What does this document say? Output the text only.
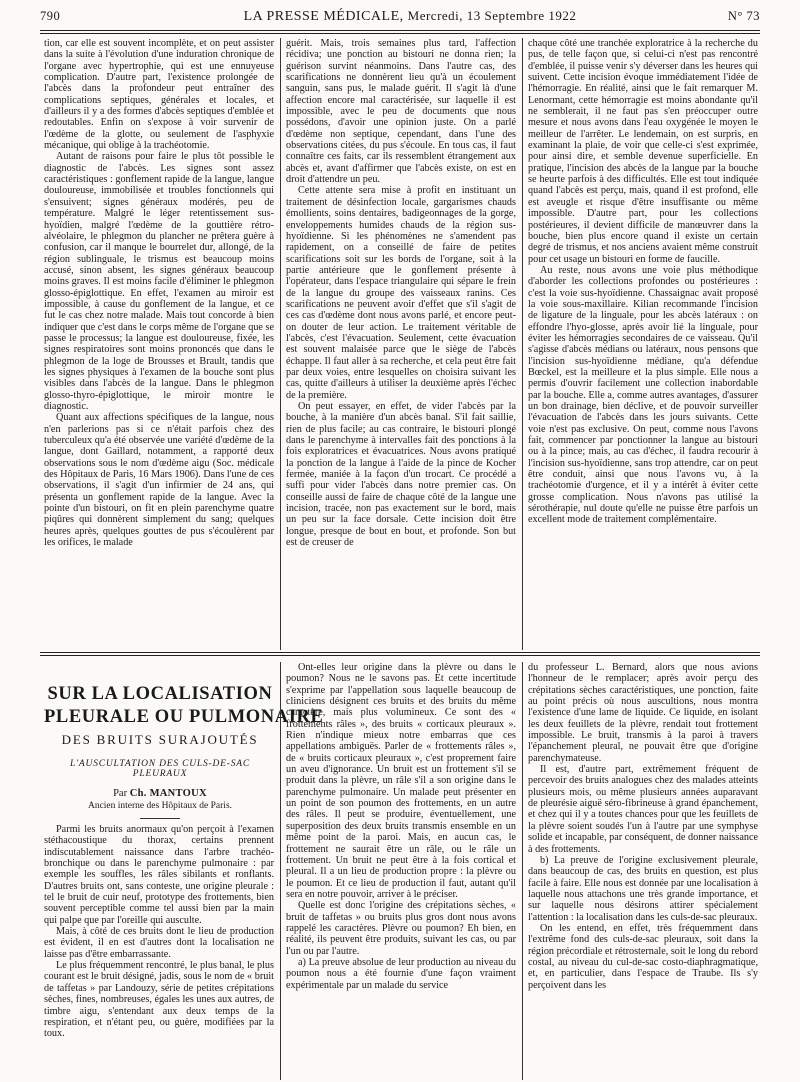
790	LA PRESSE MÉDICALE, Mercredi, 13 Septembre 1922	N° 73

tion, car elle est souvent incomplète, et on peut assister dans la suite à l'évolution d'une induration chronique de l'organe avec hypertrophie, qui est une ennuyeuse complication. D'autre part, l'existence prolongée de l'abcès dans la profondeur peut entraîner des complications septiques, générales et locales, et d'ailleurs il y a des formes d'abcès septiques d'emblée et redoutables. Enfin on s'expose à voir survenir de l'œdème de la glotte, ou seulement de l'asphyxie mécanique, qui oblige à la trachéotomie.

Autant de raisons pour faire le plus tôt possible le diagnostic de l'abcès. Les signes sont assez caractéristiques : gonflement rapide de la langue, langue douloureuse, immobilisée et troubles fonctionnels qui s'ensuivent; signes généraux modérés, peu de température. Malgré le léger retentissement sus-hyoïdien, malgré l'œdème de la gouttière rétro-alvéolaire, le phlegmon du plancher ne prêtera guère à confusion, car il manque le bourrelet dur, allongé, de la région sublinguale, le trismus est beaucoup moins accusé, sinon absent, les signes généraux beaucoup moins graves. Il est moins facile d'éliminer le phlegmon glosso-épiglottique. En effet, l'examen au miroir est impossible, à cause du gonflement de la langue, et ce fut le cas chez notre malade. Mais tout concorde à bien indiquer que c'est dans le corps même de l'organe que se passe le processus; la langue est douloureuse, fixée, les signes respiratoires sont moins prononcés que dans le phlegmon de la loge de Brousses et Brault, tandis que les signes physiques à l'examen de la bouche sont plus visibles dans l'abcès de la langue. Dans le phlegmon glosso-thyro-épiglottique, le miroir montre le diagnostic.

Quant aux affections spécifiques de la langue, nous n'en parlerions pas si ce n'était parfois chez des tuberculeux qu'a été observée une variété d'œdème de la langue, dont Gaillard, notamment, a rapporté deux observations sous le nom d'œdème aigu (Soc. médicale des Hôpitaux de Paris, 16 Mars 1906). Dans l'une de ces observations, il s'agit d'un infirmier de 24 ans, qui présenta un gonflement rapide de la langue. Avec la pointe d'un bistouri, on fit en plein parenchyme quatre piqûres qui donnèrent simplement du sang; quelques heures après, quelques gouttes de pus s'écoulèrent par les orifices, le malade

guérit. Mais, trois semaines plus tard, l'affection récidiva; une ponction au bistouri ne donna rien; la guérison survint néanmoins. Dans l'autre cas, des scarifications ne donnèrent lieu qu'à un écoulement sanguin, sans pus, le malade guérit. Il s'agit là d'une affection encore mal caractérisée, sur laquelle il est impossible, avec le peu de documents que nous possédons, d'avoir une opinion juste. On a parlé d'œdème non septique, cependant, dans l'une des observations citées, du pus s'écoule. En tous cas, il faut connaître ces faits, car ils ressemblent étrangement aux abcès et, avant d'affirmer que l'abcès existe, on est en droit d'attendre un peu.

Cette attente sera mise à profit en instituant un traitement de désinfection locale, gargarismes chauds émollients, soins dentaires, badigeonnages de la gorge, enveloppements humides chauds de la région sus-hyoïdienne. Si les phénomènes ne s'amendent pas rapidement, on a conseillé de faire de petites scarifications soit sur les bords de l'organe, soit à la partie antérieure que le gonflement présente à l'opérateur, dans l'espace triangulaire qui sépare le frein de la langue du groupe des vaisseaux ranins. Ces scarifications ne peuvent avoir d'effet que s'il s'agit de ces cas d'œdème dont nous avons parlé, et encore peut-on douter de leur action. Le traitement véritable de l'abcès, c'est l'évacuation. Seulement, cette évacuation est souvent malaisée parce que le siège de l'abcès échappe. Il faut aller à sa recherche, et cela peut être fait par deux voies, entre lesquelles on choisira suivant les cas, quitte d'ailleurs à utiliser la deuxième après l'échec de la première.

On peut essayer, en effet, de vider l'abcès par la bouche, à la manière d'un abcès banal. S'il fait saillie, rien de plus facile; au cas contraire, le bistouri plongé dans le parenchyme à intervalles fait des ponctions à la fois exploratrices et évacuatrices. Nous avons pratiqué la ponction de la langue à l'aide de la pince de Kocher fermée, maniée à la façon d'un trocart. Ce procédé a suffi pour vider l'abcès dans notre premier cas. On conseille aussi de faire de chaque côté de la langue une incision, tracée, non pas exactement sur le bord, mais un peu sur la face dorsale. Cette incision doit être longue, presque de bout en bout, et profonde. Son but est de creuser de

chaque côté une tranchée exploratrice à la recherche du pus, de telle façon que, si celui-ci n'est pas rencontré d'emblée, il puisse venir s'y déverser dans les heures qui suivent. Cette incision évoque immédiatement l'idée de l'hémorragie. En réalité, ainsi que le fait remarquer M. Lenormant, cette hémorragie est moins abondante qu'il ne semblerait, il ne faut pas s'en préoccuper outre mesure et nous avons dans l'eau oxygénée le moyen le meilleur de l'arrêter. Le lendemain, on est surpris, en examinant la plaie, de voir que celle-ci s'est exprimée, pour ainsi dire, et semble devenue superficielle. En pratique, l'incision des abcès de la langue par la bouche se heurte parfois à des difficultés. Elle est tout indiquée quand l'abcès est perçu, mais, quand il est profond, elle est aveugle et risque d'être insuffisante ou même impossible. D'autre part, pour les collections postérieures, il devient difficile de manœuvrer dans la bouche, bien plus encore quand il existe un certain degré de trismus, et nos anciens avaient même construit pour cet usage un bistouri en forme de faucille.

Au reste, nous avons une voie plus méthodique d'aborder les collections profondes ou postérieures : c'est la voie sus-hyoïdienne. Chassaignac avait proposé la voie sous-maxillaire. Kilian recommande l'incision de ligature de la linguale, pour les abcès latéraux : on effondre l'hyo-glosse, après avoir lié la linguale, pour éviter les hémorragies secondaires de ce vaisseau. Qu'il s'agisse d'abcès médians ou latéraux, nous pensons que l'incision sus-hyoïdienne médiane, qu'a défendue Bœckel, est la meilleure et la plus simple. Elle nous a permis d'ouvrir facilement une collection inabordable par la bouche. Elle a, comme autres avantages, d'assurer un bon drainage, bien déclive, et de pouvoir surveiller l'évacuation de l'abcès dans les jours suivants. Cette voie n'est pas exclusive. On peut, comme nous l'avons fait, commencer par ponctionner la langue au bistouri ou à la pince; mais, au cas d'échec, il faudra recourir à l'incision sus-hyoïdienne, sans trop attendre, car on peut être conduit, ainsi que nous l'avons vu, à la trachéotomie d'urgence, et il y a intérêt à éviter cette grosse complication. Nous n'avons pas utilisé la sérothérapie, nul doute qu'elle ne puisse être parfois un excellent mode de traitement complémentaire.

SUR LA LOCALISATION
PLEURALE OU PULMONAIRE
DES BRUITS SURAJOUTÉS
L'AUSCULTATION DES CULS-DE-SAC PLEURAUX
Par Ch. MANTOUX
Ancien interne des Hôpitaux de Paris.

Parmi les bruits anormaux qu'on perçoit à l'examen stéthacoustique du thorax, certains prennent indiscutablement naissance dans l'arbre trachéo-bronchique ou dans le parenchyme pulmonaire : par exemple les souffles, les râles sibilants et ronflants. D'autres bruits ont, sans conteste, une origine pleurale : tel le bruit de cuir neuf, prototype des frottements, bien souvent perceptible comme tel aussi bien par la main qui palpe que par l'oreille qui ausculte.

Mais, à côté de ces bruits dont le lieu de production est évident, il en est d'autres dont la localisation ne laisse pas d'être embarrassante.

Le plus fréquemment rencontré, le plus banal, le plus courant est le bruit désigné, jadis, sous le nom de « bruit de taffetas » par Landouzy, série de petites crépitations sèches, fines, nombreuses, égales les unes aux autres, de timbre aigu, s'entendant aux deux temps de la respiration, et n'étant peu, ou guère, modifiées par la toux.

Ont-elles leur origine dans la plèvre ou dans le poumon? Nous ne le savons pas. Et cette incertitude s'exprime par l'appellation sous laquelle beaucoup de cliniciens désignent ces bruits et des bruits du même caractère, mais plus volumineux. Ce sont des « frottements râles », des bruits « corticaux pleuraux ». Rien n'indique mieux notre embarras que ces appellations ambiguës. Parler de « frottements râles », de « bruits corticaux pleuraux », c'est proprement faire un aveu d'ignorance. Un bruit est un frottement s'il se produit dans la plèvre, un râle s'il a son origine dans le parenchyme pulmonaire. Un malade peut présenter en un point de son poumon des frottements, en un autre des râles. Il peut se produire, éventuellement, une superposition des deux bruits transmis ensemble en un même point de la paroi. Mais, en aucun cas, le frottement ne saurait être un râle, ou le râle un frottement. Un bruit ne peut être à la fois cortical et pleural. Il a un lieu de production propre : la plèvre ou le poumon. Et ce lieu de production il faut, autant qu'il sera en notre pouvoir, arriver à le préciser.

Quelle est donc l'origine des crépitations sèches, « bruit de taffetas » ou bruits plus gros dont nous avons rappelé les caractères. Plèvre ou poumon? Eh bien, en réalité, ils peuvent être produits, suivant les cas, ou par l'un ou par l'autre.

a) La preuve absolue de leur production au niveau du poumon nous a été fournie d'une façon vraiment expérimentale par un malade du service

du professeur L. Bernard, alors que nous avions l'honneur de le remplacer; après avoir perçu des crépitations sèches caractéristiques, une ponction, faite au point précis où nous auscultions, nous montra l'existence d'une lame de liquide. Ce liquide, en isolant les deux feuillets de la plèvre, rendait tout frottement impossible. Le bruit, transmis à la paroi à travers l'épanchement pleural, ne pouvait être que d'origine parenchymateuse.

Il est, d'autre part, extrêmement fréquent de percevoir des bruits analogues chez des malades atteints plusieurs mois, ou même plusieurs années auparavant de pleurésie aiguë séro-fibrineuse à grand épanchement, et chez qui il y a toutes chances pour que les feuillets de la plèvre soient soudés l'un à l'autre par une symphyse solide et incapable, par conséquent, de donner naissance à des frottements.

b) La preuve de l'origine exclusivement pleurale, dans beaucoup de cas, des bruits en question, est plus facile à faire. Elle nous est donnée par une localisation à laquelle nous attachons une très grande importance, et sur laquelle nous désirons attirer spécialement l'attention : la localisation dans les culs-de-sac pleuraux.

On les entend, en effet, très fréquemment dans l'extrême fond des culs-de-sac pleuraux, soit dans la région précordiale et rétrosternale, soit le long du rebord costal, au niveau du cul-de-sac costo-diaphragmatique, et, en particulier, dans l'espace de Traube. Ils s'y perçoivent dans les
